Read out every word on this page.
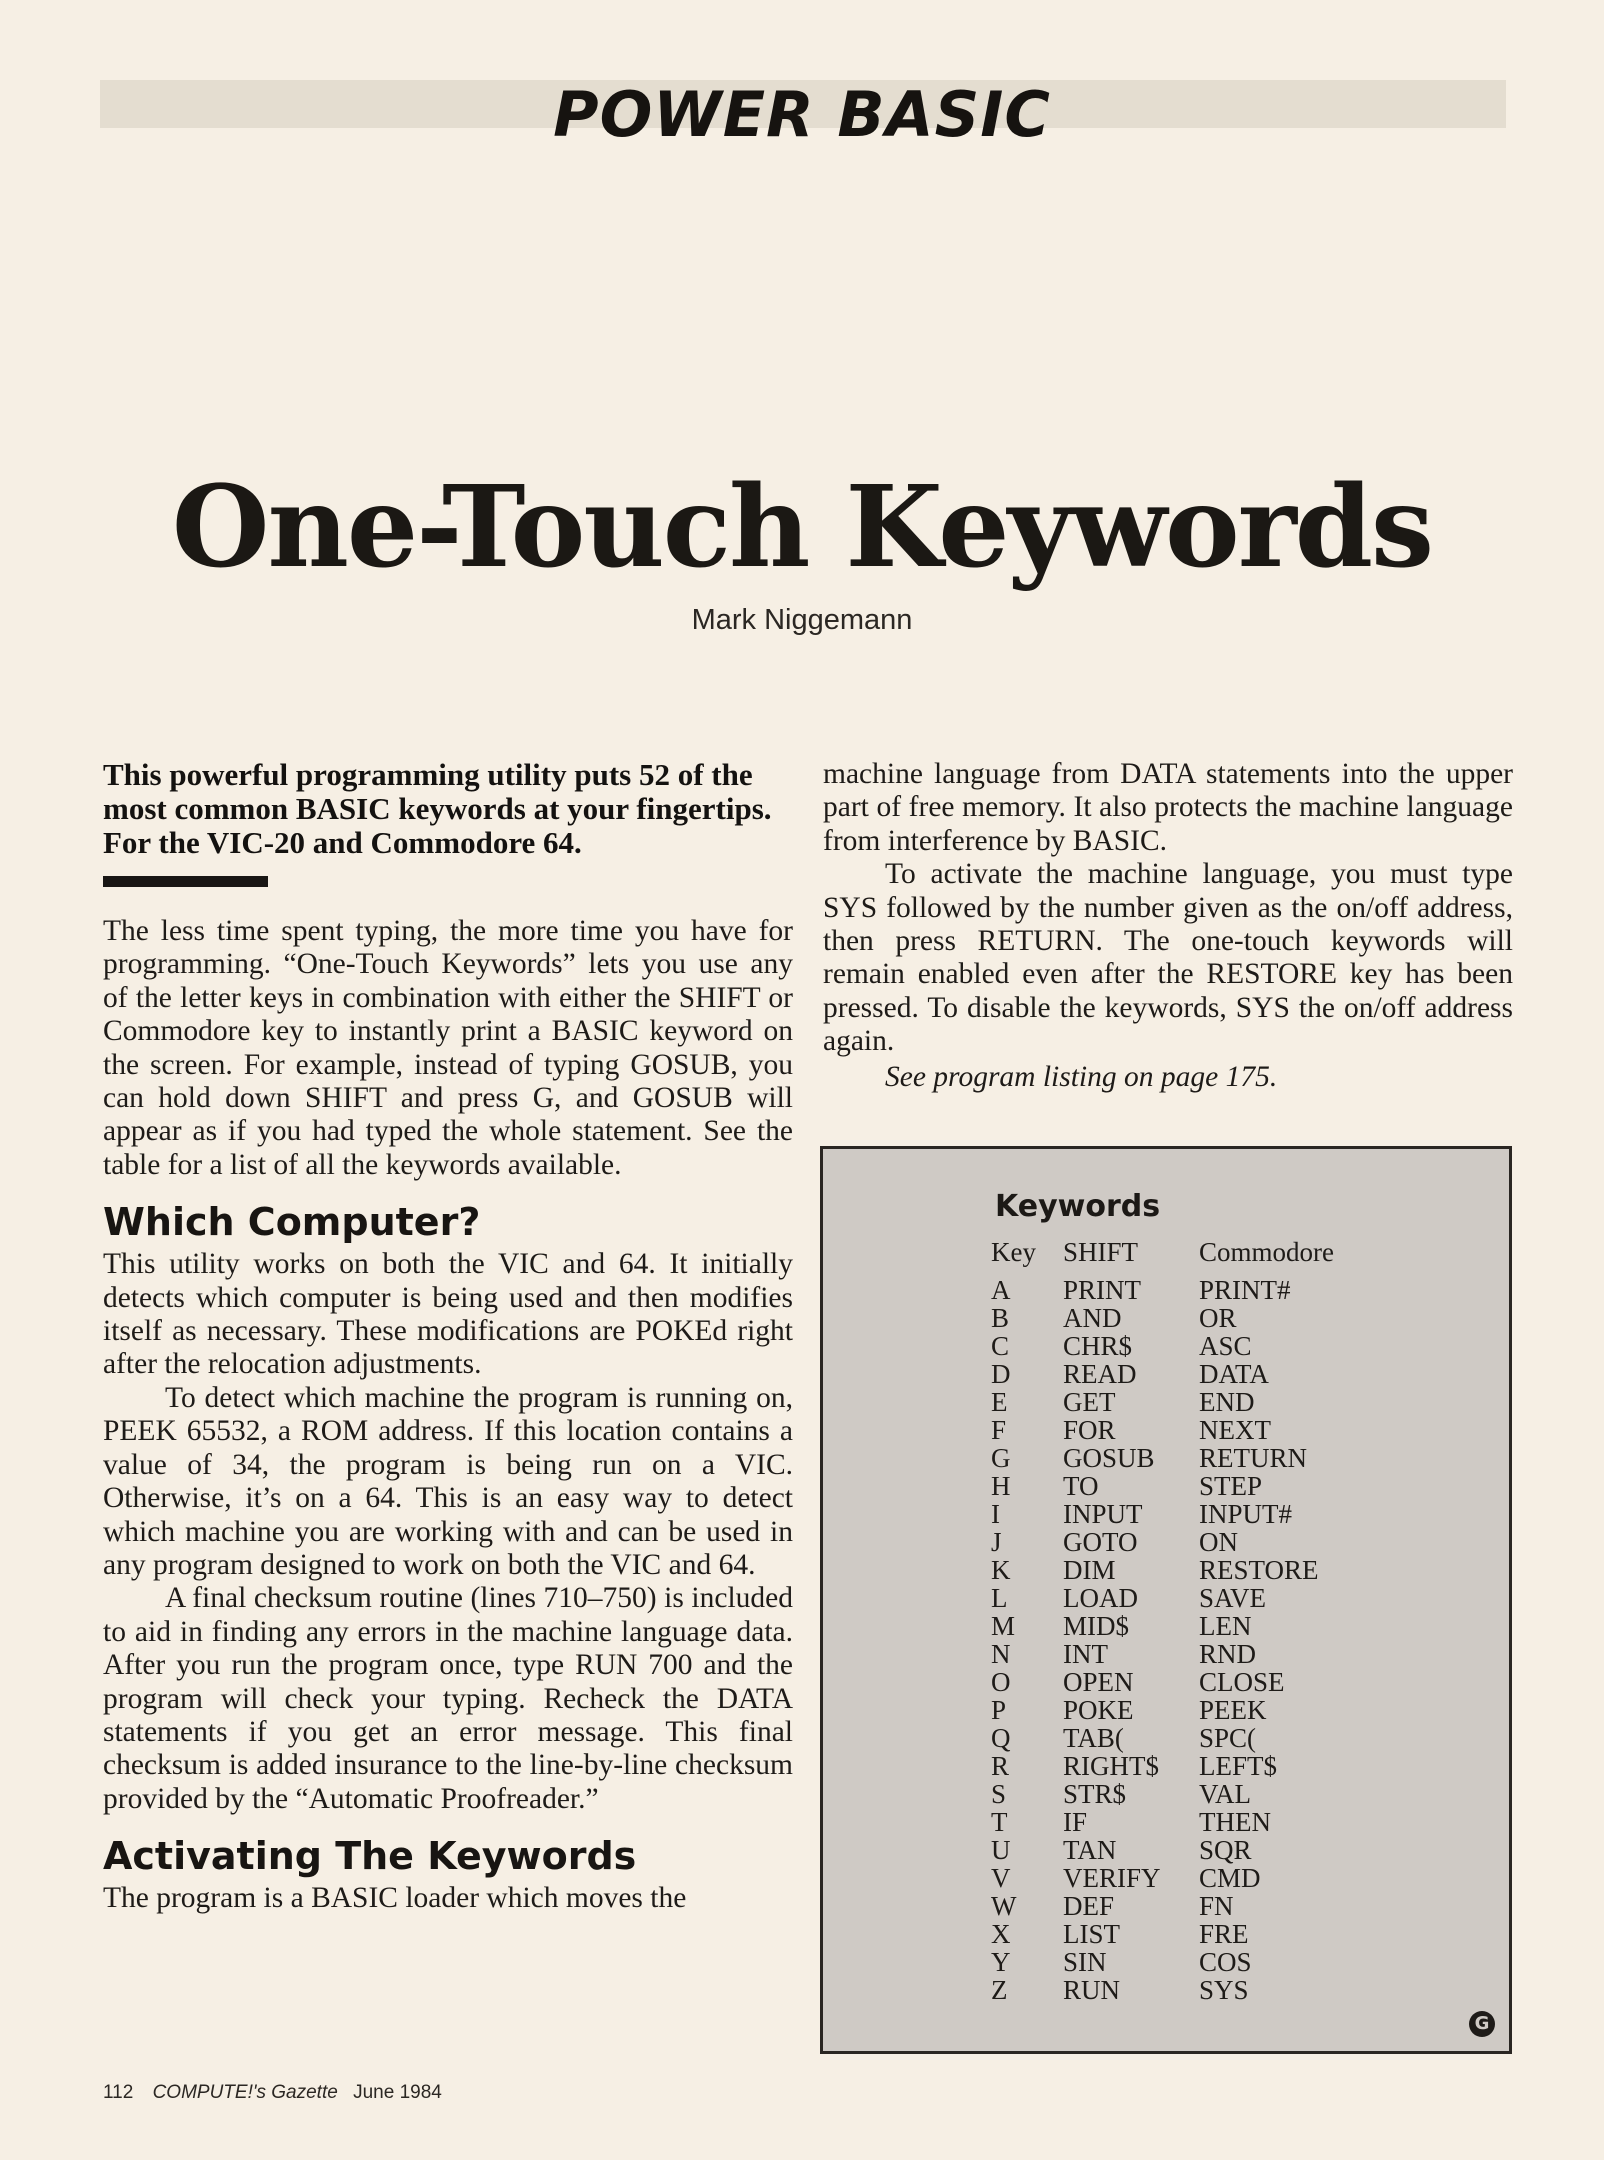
POWER BASIC
One-Touch Keywords
Mark Niggemann
This powerful programming utility puts 52 of the most common BASIC keywords at your fingertips. For the VIC-20 and Commodore 64.

The less time spent typing, the more time you have for programming. “One-Touch Keywords” lets you use any of the letter keys in combination with either the SHIFT or Commodore key to instantly print a BASIC keyword on the screen. For example, instead of typing GOSUB, you can hold down SHIFT and press G, and GOSUB will appear as if you had typed the whole statement. See the table for a list of all the keywords available.

Which Computer?

This utility works on both the VIC and 64. It initially detects which computer is being used and then modifies itself as necessary. These modifications are POKEd right after the relocation adjustments.

To detect which machine the program is running on, PEEK 65532, a ROM address. If this location contains a value of 34, the program is being run on a VIC. Otherwise, it’s on a 64. This is an easy way to detect which machine you are working with and can be used in any program designed to work on both the VIC and 64.

A final checksum routine (lines 710–750) is included to aid in finding any errors in the machine language data. After you run the program once, type RUN 700 and the program will check your typing. Recheck the DATA statements if you get an error message. This final checksum is added insurance to the line-by-line checksum provided by the “Automatic Proofreader.”

Activating The Keywords

The program is a BASIC loader which moves the

machine language from DATA statements into the upper part of free memory. It also protects the machine language from interference by BASIC.

To activate the machine language, you must type SYS followed by the number given as the on/off address, then press RETURN. The one-touch keywords will remain enabled even after the RESTORE key has been pressed. To disable the keywords, SYS the on/off address again.

See program listing on page 175.

Keywords
Key	SHIFT	Commodore
A	PRINT	PRINT#
B	AND	OR
C	CHR$	ASC
D	READ	DATA
E	GET	END
F	FOR	NEXT
G	GOSUB	RETURN
H	TO	STEP
I	INPUT	INPUT#
J	GOTO	ON
K	DIM	RESTORE
L	LOAD	SAVE
M	MID$	LEN
N	INT	RND
O	OPEN	CLOSE
P	POKE	PEEK
Q	TAB(	SPC(
R	RIGHT$	LEFT$
S	STR$	VAL
T	IF	THEN
U	TAN	SQR
V	VERIFY	CMD
W	DEF	FN
X	LIST	FRE
Y	SIN	COS
Z	RUN	SYS
G
112 COMPUTE!'s Gazette June 1984
